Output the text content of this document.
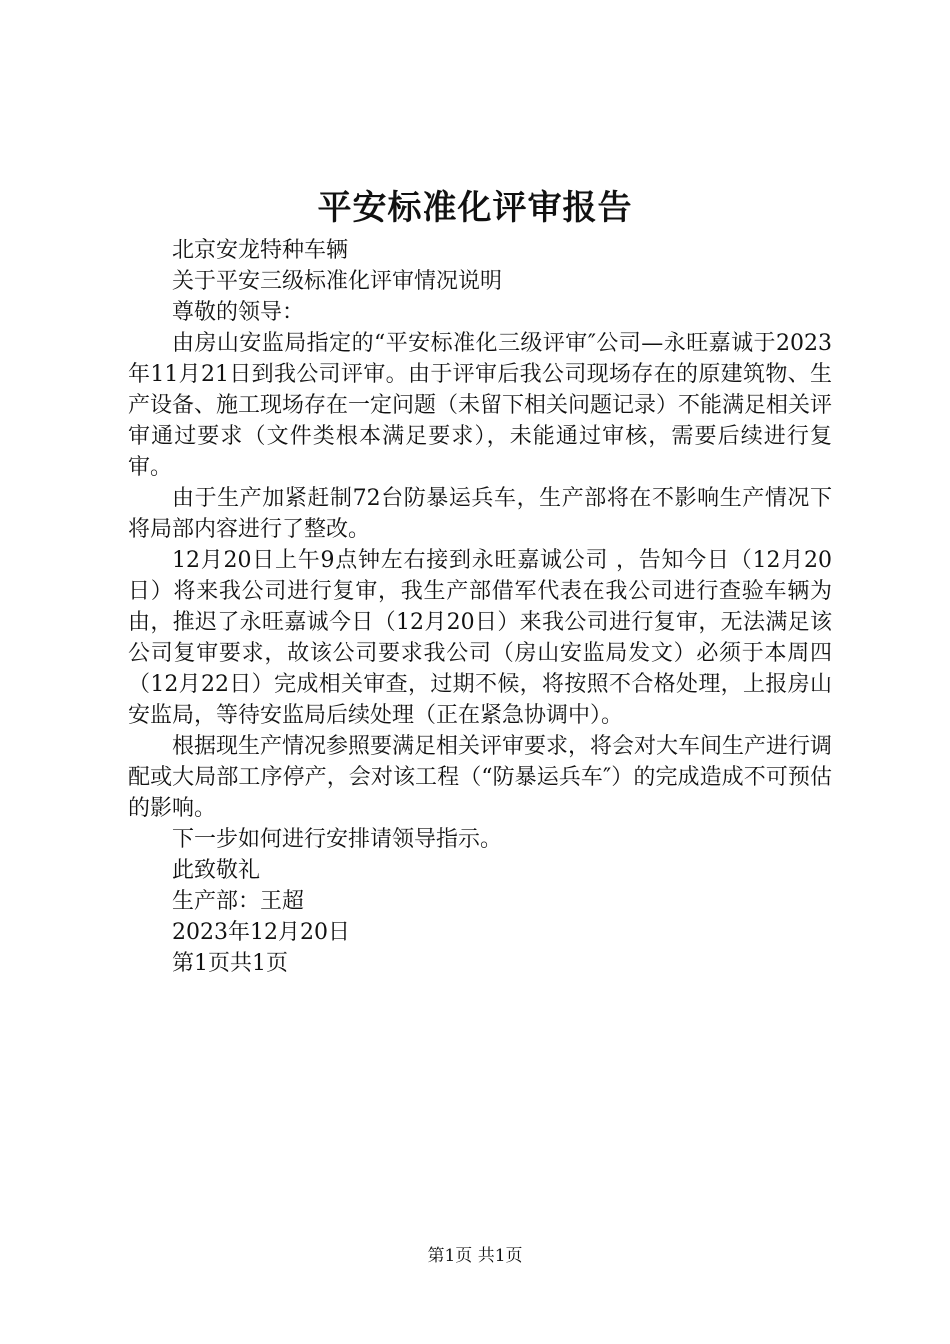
平安标准化评审报告

北京安龙特种车辆

关于平安三级标准化评审情况说明

尊敬的领导：

由房山安监局指定的“平安标准化三级评审″公司—永旺嘉诚于2023年11月21日到我公司评审。由于评审后我公司现场存在的原建筑物、生产设备、施工现场存在一定问题（未留下相关问题记录）不能满足相关评审通过要求（文件类根本满足要求），未能通过审核，需要后续进行复审。

由于生产加紧赶制72台防暴运兵车，生产部将在不影响生产情况下将局部内容进行了整改。

12月20日上午9点钟左右接到永旺嘉诚公司 ，告知今日（12月20日）将来我公司进行复审，我生产部借军代表在我公司进行查验车辆为由，推迟了永旺嘉诚今日（12月20日）来我公司进行复审，无法满足该公司复审要求，故该公司要求我公司（房山安监局发文）必须于本周四（12月22日）完成相关审查，过期不候，将按照不合格处理，上报房山安监局，等待安监局后续处理（正在紧急协调中）。

根据现生产情况参照要满足相关评审要求，将会对大车间生产进行调配或大局部工序停产，会对该工程（“防暴运兵车″）的完成造成不可预估的影响。

下一步如何进行安排请领导指示。

此致敬礼

生产部：王超

2023年12月20日

第1页共1页

第1页 共1页
